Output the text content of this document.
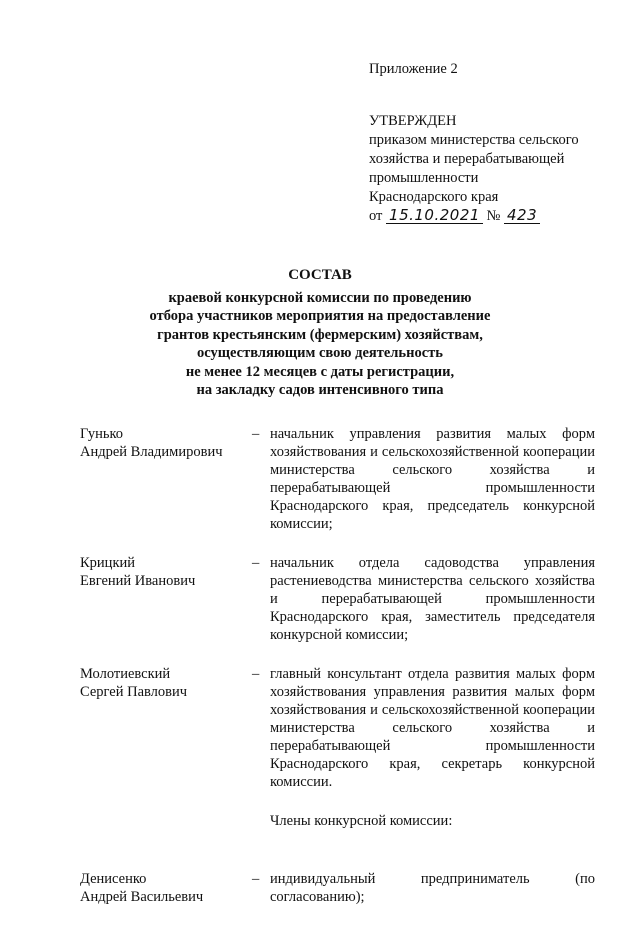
Приложение 2
УТВЕРЖДЕН
приказом министерства сельского
хозяйства и перерабатывающей
промышленности
Краснодарского края
от 15.10.2021 № 423
СОСТАВ
краевой конкурсной комиссии по проведению
отбора участников мероприятия на предоставление
грантов крестьянским (фермерским) хозяйствам,
осуществляющим свою деятельность
не менее 12 месяцев с даты регистрации,
на закладку садов интенсивного типа
Гунько
Андрей Владимирович
– начальник управления развития малых форм хозяйствования и сельскохозяйственной кооперации министерства сельского хозяйства и перерабатывающей промышленности Краснодарского края, председатель конкурсной комиссии;
Крицкий
Евгений Иванович
– начальник отдела садоводства управления растениеводства министерства сельского хозяйства и перерабатывающей промышленности Краснодарского края, заместитель председателя конкурсной комиссии;
Молотиевский
Сергей Павлович
– главный консультант отдела развития малых форм хозяйствования управления развития малых форм хозяйствования и сельскохозяйственной кооперации министерства сельского хозяйства и перерабатывающей промышленности Краснодарского края, секретарь конкурсной комиссии.
Члены конкурсной комиссии:
Денисенко
Андрей Васильевич
– индивидуальный предприниматель (по согласованию);
